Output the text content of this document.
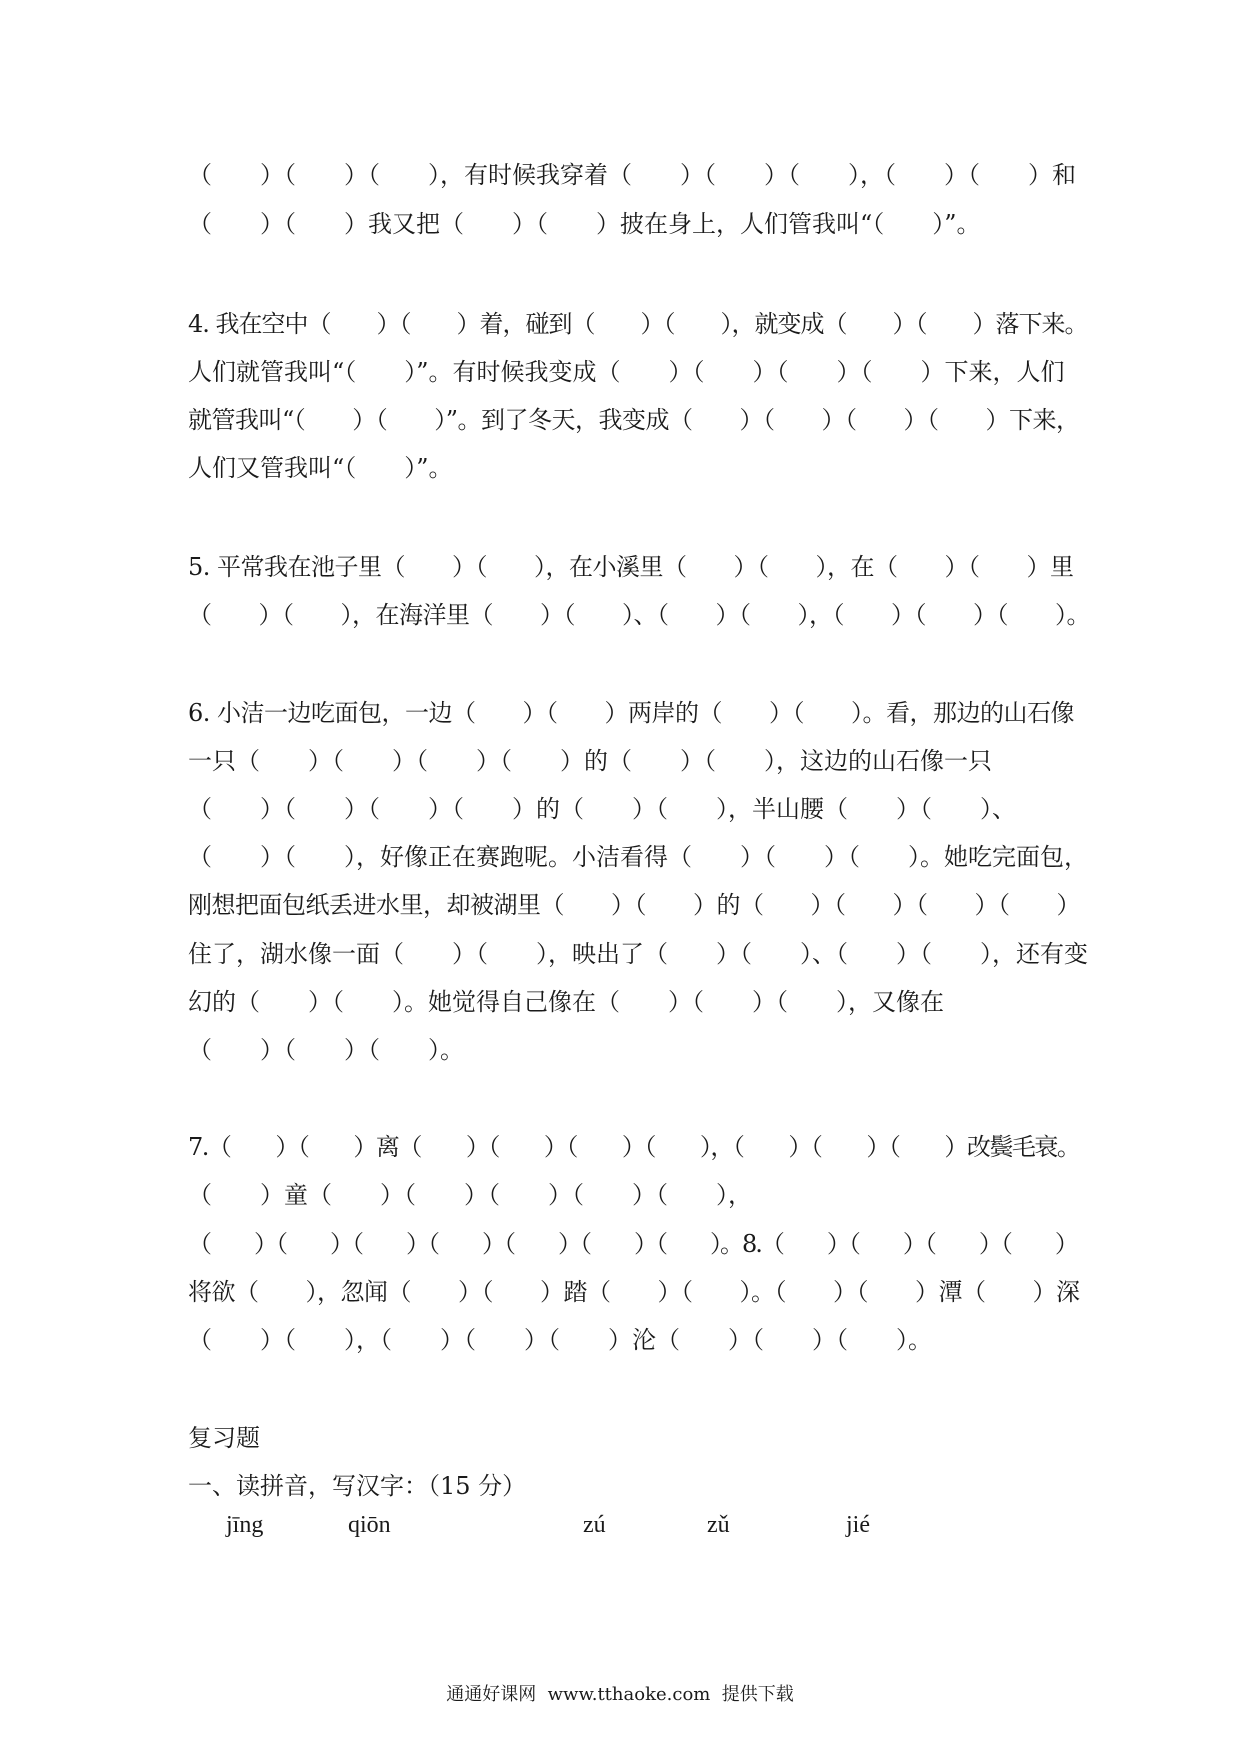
（　　）（　　）（　　），有时候我穿着（　　）（　　）（　　），（　　）（　　）和
（　　）（　　）我又把（　　）（　　）披在身上，人们管我叫“（　　）”。
4. 我在空中（　　）（　　）着，碰到（　　）（　　），就变成（　　）（　　）落下来。
人们就管我叫“（　　）”。有时候我变成（　　）（　　）（　　）（　　）下来，人们
就管我叫“（　　）（　　）”。到了冬天，我变成（　　）（　　）（　　）（　　）下来，
人们又管我叫“（　　）”。
5. 平常我在池子里（　　）（　　），在小溪里（　　）（　　），在（　　）（　　）里
（　　）（　　），在海洋里（　　）（　　）、（　　）（　　），（　　）（　　）（　　）。
6. 小洁一边吃面包，一边（　　）（　　）两岸的（　　）（　　）。看，那边的山石像
一只（　　）（　　）（　　）（　　）的（　　）（　　），这边的山石像一只
（　　）（　　）（　　）（　　）的（　　）（　　），半山腰（　　）（　　）、
（　　）（　　），好像正在赛跑呢。小洁看得（　　）（　　）（　　）。她吃完面包，
刚想把面包纸丢进水里，却被湖里（　　）（　　）的（　　）（　　）（　　）（　　）
住了，湖水像一面（　　）（　　），映出了（　　）（　　）、（　　）（　　），还有变
幻的（　　）（　　）。她觉得自己像在（　　）（　　）（　　），又像在
（　　）（　　）（　　）。
7.（　　）（　　）离（　　）（　　）（　　）（　　），（　　）（　　）（　　）改鬓毛衰。
（　　）童（　　）（　　）（　　）（　　）（　　），
（　　）（　　）（　　）（　　）（　　）（　　）（　　）。8.（　　）（　　）（　　）（　　）
将欲（　　），忽闻（　　）（　　）踏（　　）（　　）。（　　）（　　）潭（　　）深
（　　）（　　），（　　）（　　）（　　）沦（　　）（　　）（　　）。
复习题
一、读拼音，写汉字：（15 分）
jīng	qiōn	zú	zǔ	jié
通通好课网  www.tthaoke.com  提供下载
